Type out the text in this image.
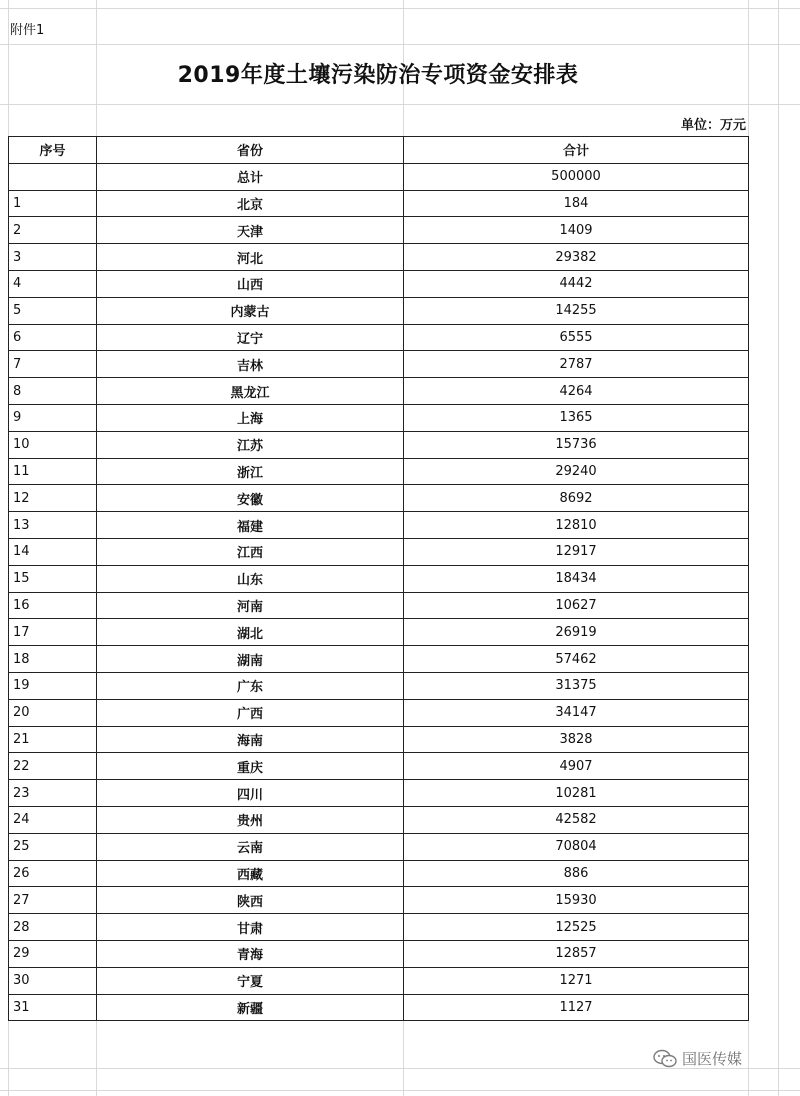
附件1
2019年度土壤污染防治专项资金安排表
单位：万元
序号	省份	合计
	总计	500000
1	北京	184
2	天津	1409
3	河北	29382
4	山西	4442
5	内蒙古	14255
6	辽宁	6555
7	吉林	2787
8	黑龙江	4264
9	上海	1365
10	江苏	15736
11	浙江	29240
12	安徽	8692
13	福建	12810
14	江西	12917
15	山东	18434
16	河南	10627
17	湖北	26919
18	湖南	57462
19	广东	31375
20	广西	34147
21	海南	3828
22	重庆	4907
23	四川	10281
24	贵州	42582
25	云南	70804
26	西藏	886
27	陕西	15930
28	甘肃	12525
29	青海	12857
30	宁夏	1271
31	新疆	1127
国医传媒
